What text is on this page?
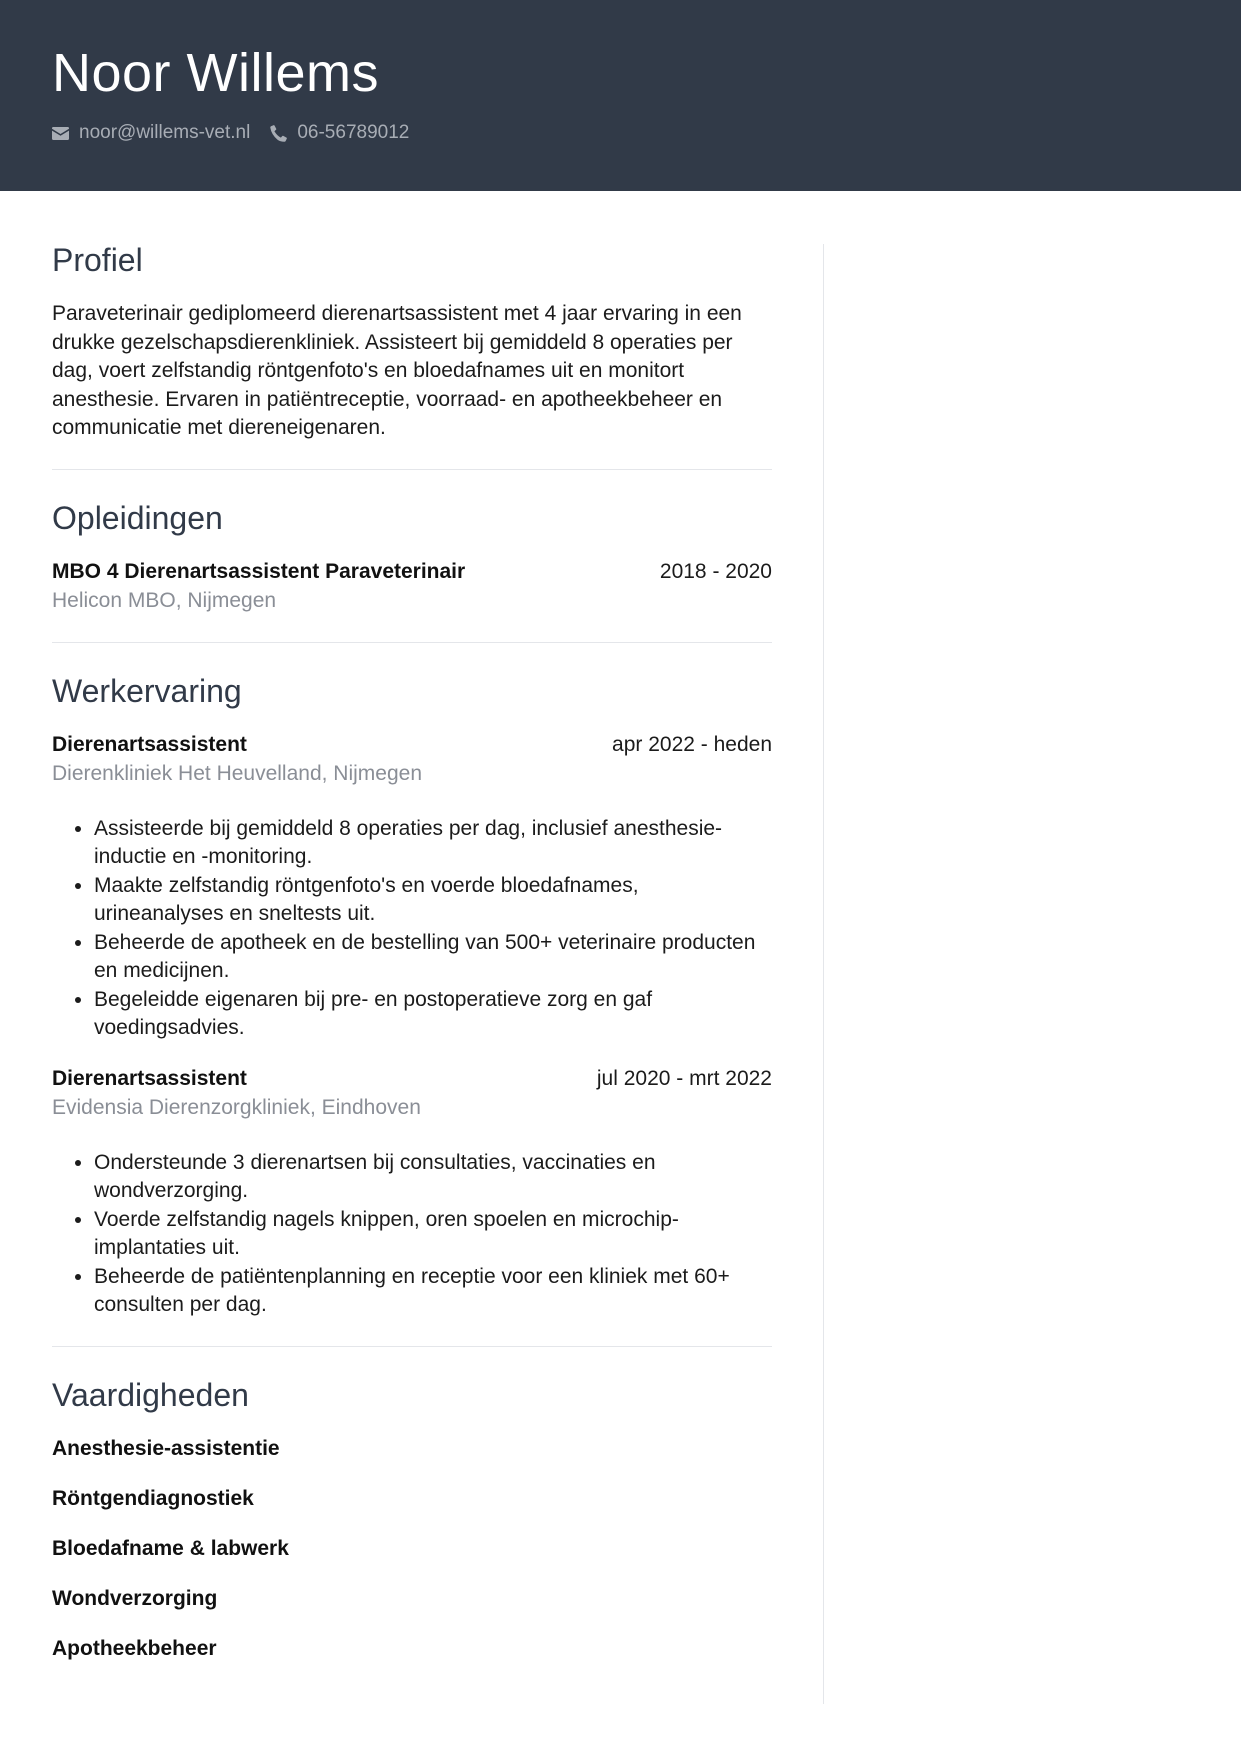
Noor Willems
noor@willems-vet.nl 06-56789012
Profiel

Paraveterinair gediplomeerd dierenartsassistent met 4 jaar ervaring in een drukke gezelschapsdierenkliniek. Assisteert bij gemiddeld 8 operaties per dag, voert zelfstandig röntgenfoto's en bloedafnames uit en monitort anesthesie. Ervaren in patiëntreceptie, voorraad- en apotheekbeheer en communicatie met diereneigenaren.

Opleidingen
MBO 4 Dierenartsassistent Paraveterinair	2018 - 2020
Helicon MBO, Nijmegen
Werkervaring
Dierenartsassistent	apr 2022 - heden
Dierenkliniek Het Heuvelland, Nijmegen
• Assisteerde bij gemiddeld 8 operaties per dag, inclusief anesthesie-inductie en -monitoring.
• Maakte zelfstandig röntgenfoto's en voerde bloedafnames, urineanalyses en sneltests uit.
• Beheerde de apotheek en de bestelling van 500+ veterinaire producten en medicijnen.
• Begeleidde eigenaren bij pre- en postoperatieve zorg en gaf voedingsadvies.
Dierenartsassistent	jul 2020 - mrt 2022
Evidensia Dierenzorgkliniek, Eindhoven
• Ondersteunde 3 dierenartsen bij consultaties, vaccinaties en wondverzorging.
• Voerde zelfstandig nagels knippen, oren spoelen en microchip-implantaties uit.
• Beheerde de patiëntenplanning en receptie voor een kliniek met 60+ consulten per dag.
Vaardigheden
Anesthesie-assistentie
Röntgendiagnostiek
Bloedafname & labwerk
Wondverzorging
Apotheekbeheer
